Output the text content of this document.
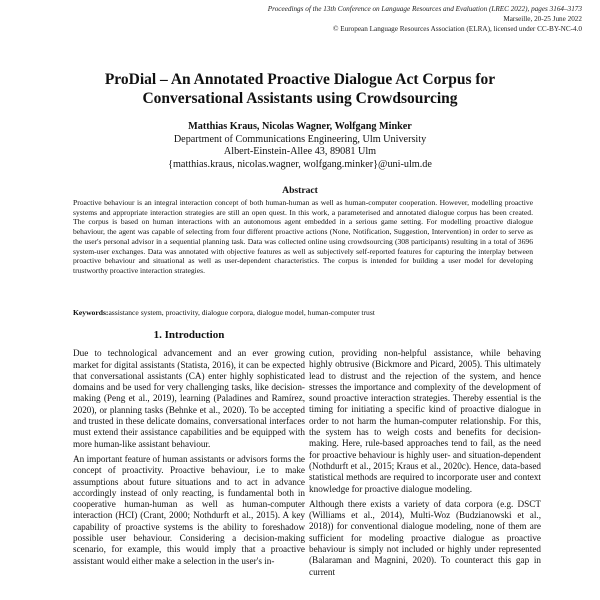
Proceedings of the 13th Conference on Language Resources and Evaluation (LREC 2022), pages 3164–3173
Marseille, 20-25 June 2022
© European Language Resources Association (ELRA), licensed under CC-BY-NC-4.0
ProDial – An Annotated Proactive Dialogue Act Corpus for
Conversational Assistants using Crowdsourcing
Matthias Kraus, Nicolas Wagner, Wolfgang Minker
Department of Communications Engineering, Ulm University
Albert-Einstein-Allee 43, 89081 Ulm
{matthias.kraus, nicolas.wagner, wolfgang.minker}@uni-ulm.de
Abstract
Proactive behaviour is an integral interaction concept of both human-human as well as human-computer cooperation. However, modelling proactive systems and appropriate interaction strategies are still an open quest. In this work, a parameterised and annotated dialogue corpus has been created. The corpus is based on human interactions with an autonomous agent embedded in a serious game setting. For modelling proactive dialogue behaviour, the agent was capable of selecting from four different proactive actions (None, Notification, Suggestion, Intervention) in order to serve as the user's personal advisor in a sequential planning task. Data was collected online using crowdsourcing (308 participants) resulting in a total of 3696 system-user exchanges. Data was annotated with objective features as well as subjectively self-reported features for capturing the interplay between proactive behaviour and situational as well as user-dependent characteristics. The corpus is intended for building a user model for developing trustworthy proactive interaction strategies.
Keywords:assistance system, proactivity, dialogue corpora, dialogue model, human-computer trust
1. Introduction

Due to technological advancement and an ever growing market for digital assistants (Statista, 2016), it can be expected that conversational assistants (CA) enter highly sophisticated domains and be used for very challenging tasks, like decision-making (Peng et al., 2019), learning (Paladines and Ramírez, 2020), or planning tasks (Behnke et al., 2020). To be accepted and trusted in these delicate domains, conversational interfaces must extend their assistance capabilities and be equipped with more human-like assistant behaviour.

An important feature of human assistants or advisors forms the concept of proactivity. Proactive behaviour, i.e to make assumptions about future situations and to act in advance accordingly instead of only reacting, is fundamental both in cooperative human-human as well as human-computer interaction (HCI) (Crant, 2000; Nothdurft et al., 2015). A key capability of proactive systems is the ability to foreshadow possible user behaviour. Considering a decision-making scenario, for example, this would imply that a proactive assistant would either make a selection in the user's in-

cution, providing non-helpful assistance, while behaving highly obtrusive (Bickmore and Picard, 2005). This ultimately lead to distrust and the rejection of the system, and hence stresses the importance and complexity of the development of sound proactive interaction strategies. Thereby essential is the timing for initiating a specific kind of proactive dialogue in order to not harm the human-computer relationship. For this, the system has to weigh costs and benefits for decision-making. Here, rule-based approaches tend to fail, as the need for proactive behaviour is highly user- and situation-dependent (Nothdurft et al., 2015; Kraus et al., 2020c). Hence, data-based statistical methods are required to incorporate user and context knowledge for proactive dialogue modeling.

Although there exists a variety of data corpora (e.g. DSCT (Williams et al., 2014), Multi-Woz (Budzianowski et al., 2018)) for conventional dialogue modeling, none of them are sufficient for modeling proactive dialogue as proactive behaviour is simply not included or highly under represented (Balaraman and Magnini, 2020). To counteract this gap in current
